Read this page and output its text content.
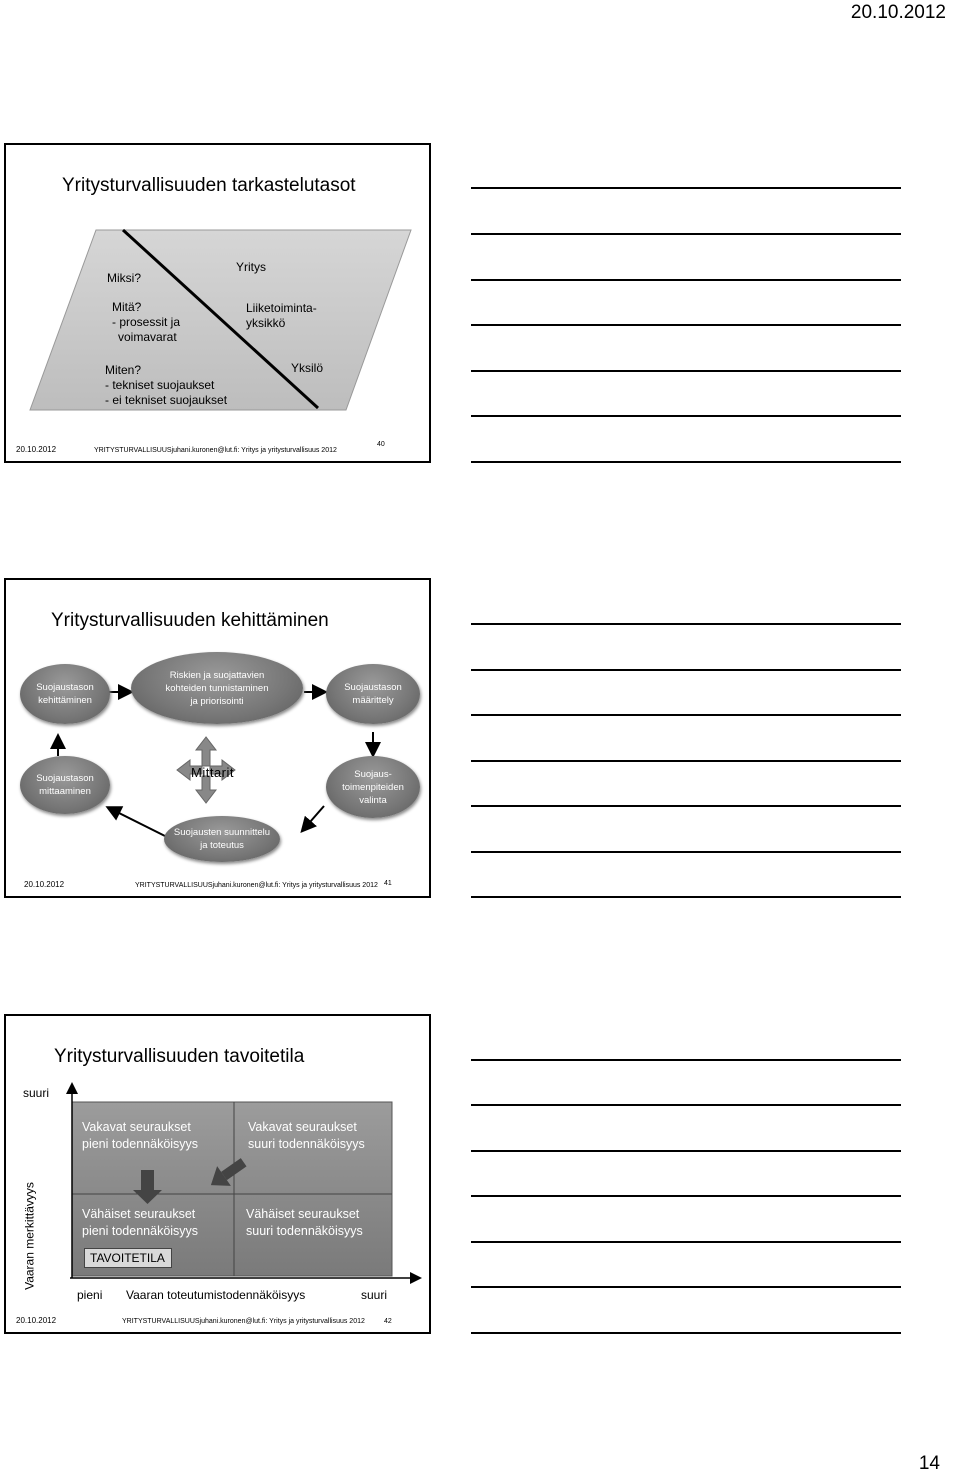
20.10.2012
Yritysturvallisuuden tarkastelutasot
Miksi?
Mitä?
- prosessit ja
voimavarat
Miten?
- tekniset suojaukset
- ei tekniset suojaukset
Yritys
Liiketoiminta-
yksikkö
Yksilö
20.10.2012	YRITYSTURVALLISUUSjuhani.kuronen@lut.fi: Yritys ja yritysturvallisuus 2012
40
Yritysturvallisuuden kehittäminen
Suojaustason
kehittäminen
Riskien ja suojattavien
kohteiden tunnistaminen
ja priorisointi
Suojaustason
määrittely
Suojaustason
mittaaminen
Mittarit	Suojaus-
toimenpiteiden
valinta
Suojausten suunnittelu
ja toteutus
20.10.2012	YRITYSTURVALLISUUSjuhani.kuronen@lut.fi: Yritys ja yritysturvallisuus 2012 41
Yritysturvallisuuden tavoitetila
suuri
Vaaran merkittävyys
Vakavat seuraukset
pieni todennäköisyys
Vakavat seuraukset
suuri todennäköisyys
Vähäiset seuraukset
pieni todennäköisyys
Vähäiset seuraukset
suuri todennäköisyys
TAVOITETILA
pieni Vaaran toteutumistodennäköisyys	suuri
20.10.2012	YRITYSTURVALLISUUSjuhani.kuronen@lut.fi: Yritys ja yritysturvallisuus 2012	42
14
